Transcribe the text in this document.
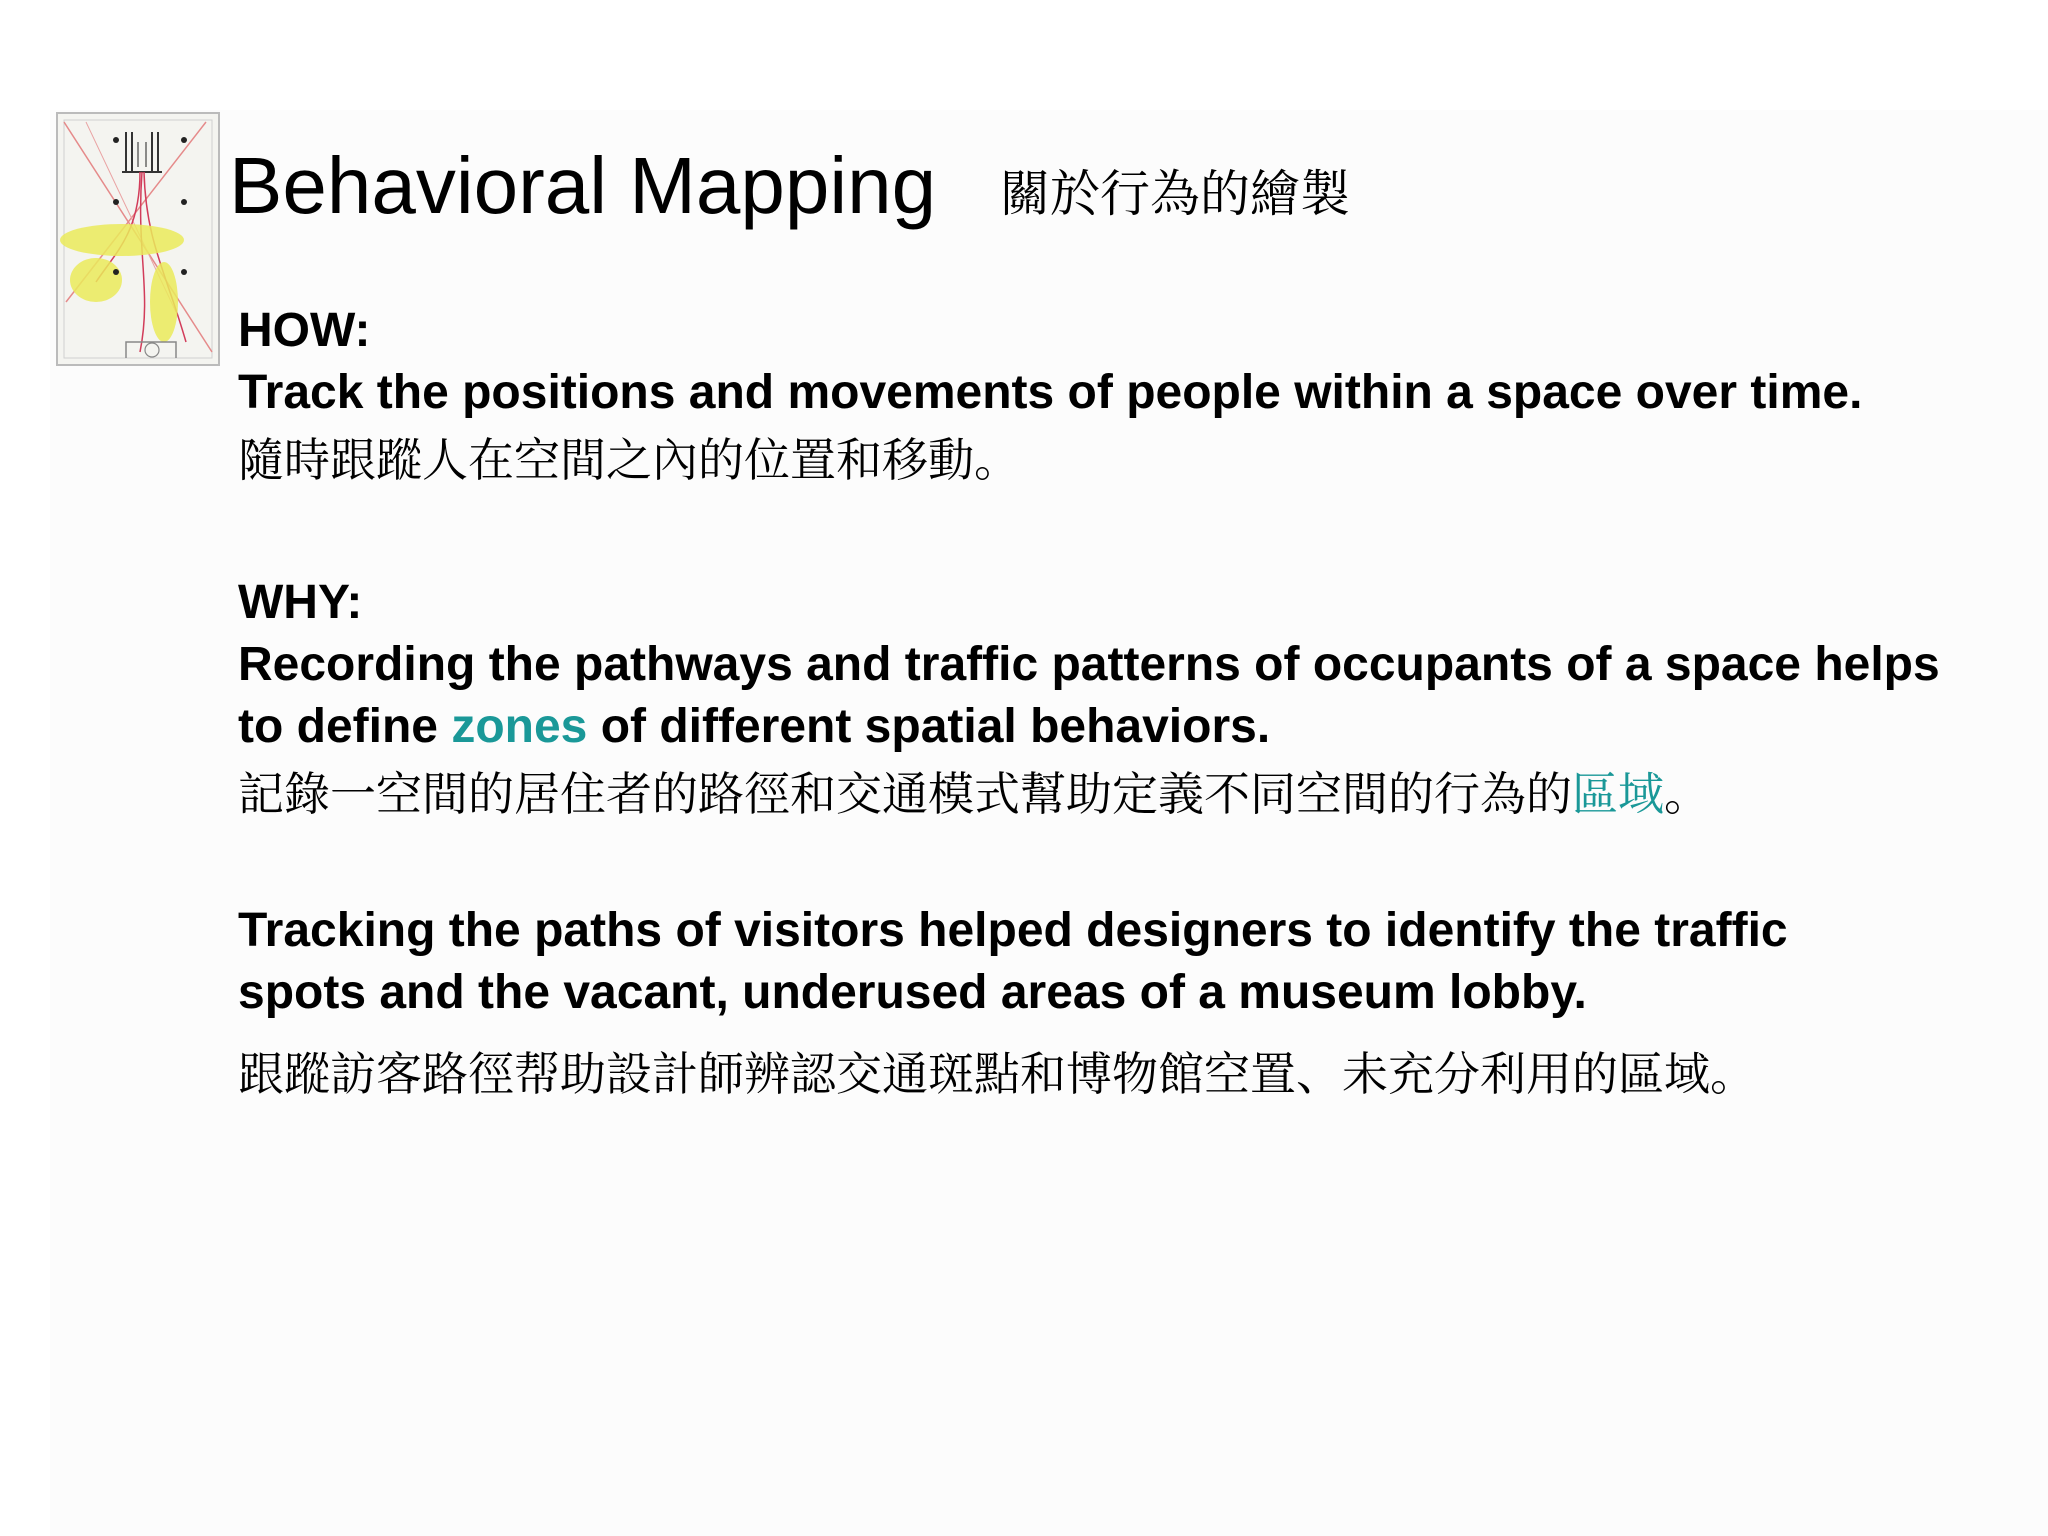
Behavioral Mapping 關於行為的繪製
HOW:
Track the positions and movements of people within a space over time.
隨時跟蹤人在空間之內的位置和移動。
WHY:
Recording the pathways and traffic patterns of occupants of a space helps to define zones of different spatial behaviors.
記錄一空間的居住者的路徑和交通模式幫助定義不同空間的行為的區域。
Tracking the paths of visitors helped designers to identify the traffic spots and the vacant, underused areas of a museum lobby.
跟蹤訪客路徑帮助設計師辨認交通斑點和博物館空置、未充分利用的區域。
